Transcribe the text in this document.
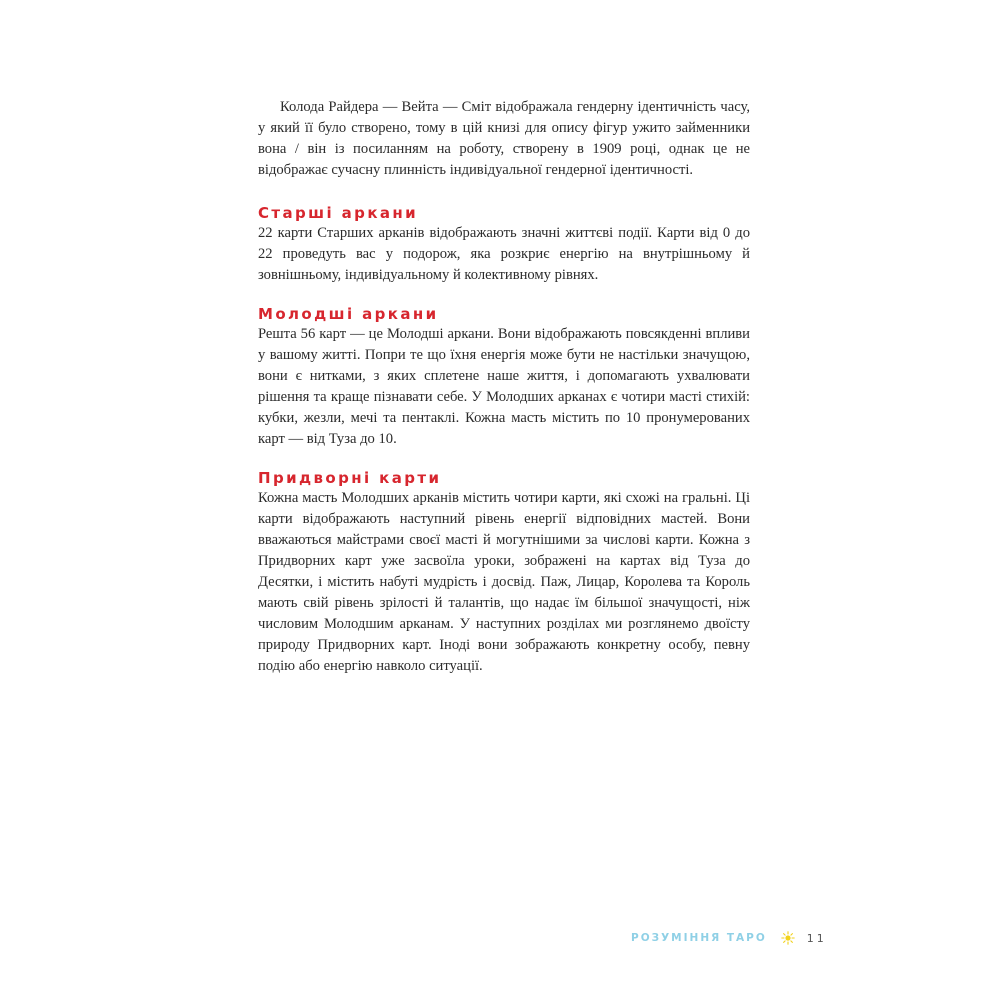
Колода Райдера — Вейта — Сміт відображала гендерну ідентичність часу, у який її було створено, тому в цій книзі для опису фігур ужито займенники вона / він із посиланням на роботу, створену в 1909 році, однак це не відображає сучасну плинність індивідуальної гендерної ідентичності.

Старші аркани

22 карти Старших арканів відображають значні життєві події. Карти від 0 до 22 проведуть вас у подорож, яка розкриє енергію на внутрішньому й зовнішньому, індивідуальному й колективному рівнях.

Молодші аркани

Решта 56 карт — це Молодші аркани. Вони відображають повсякденні впливи у вашому житті. Попри те що їхня енергія може бути не настільки значущою, вони є нитками, з яких сплетене наше життя, і допомагають ухвалювати рішення та краще пізнавати себе. У Молодших арканах є чотири масті стихій: кубки, жезли, мечі та пентаклі. Кожна масть містить по 10 пронумерованих карт — від Туза до 10.

Придворні карти

Кожна масть Молодших арканів містить чотири карти, які схожі на гральні. Ці карти відображають наступний рівень енергії відповідних мастей. Вони вважаються майстрами своєї масті й могутнішими за числові карти. Кожна з Придворних карт уже засвоїла уроки, зображені на картах від Туза до Десятки, і містить набуті мудрість і досвід. Паж, Лицар, Королева та Король мають свій рівень зрілості й талантів, що надає їм більшої значущості, ніж числовим Молодшим арканам. У наступних розділах ми розглянемо двоїсту природу Придворних карт. Іноді вони зображають конкретну особу, певну подію або енергію навколо ситуації.

РОЗУМІННЯ ТАРО	11
